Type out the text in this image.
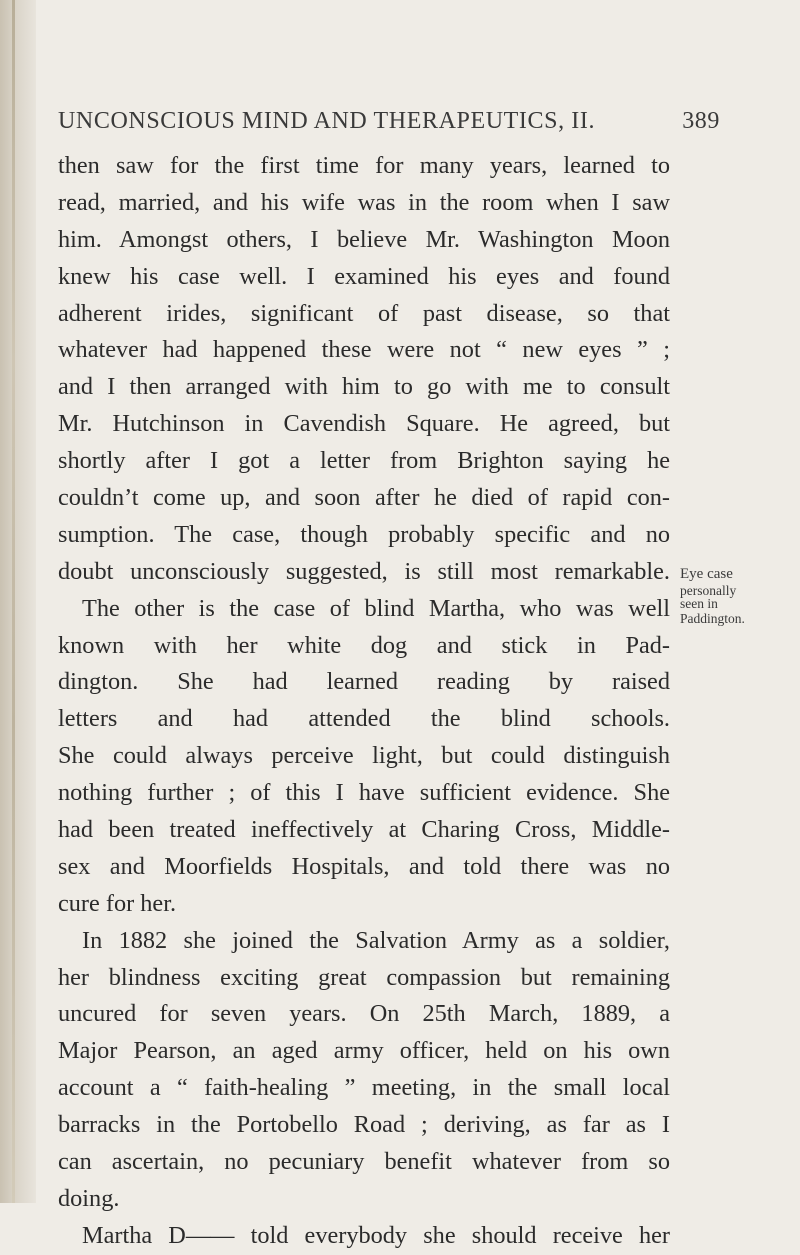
UNCONSCIOUS MIND AND THERAPEUTICS, II.	389
then saw for the first time for many years, learned to
read, married, and his wife was in the room when I saw
him. Amongst others, I believe Mr. Washington Moon
knew his case well. I examined his eyes and found
adherent irides, significant of past disease, so that
whatever had happened these were not “ new eyes ” ;
and I then arranged with him to go with me to consult
Mr. Hutchinson in Cavendish Square. He agreed, but
shortly after I got a letter from Brighton saying he
couldn’t come up, and soon after he died of rapid con-
sumption. The case, though probably specific and no
doubt unconsciously suggested, is still most remarkable.
The other is the case of blind Martha, who was well
known with her white dog and stick in Pad-
dington. She had learned reading by raised
letters and had attended the blind schools.
She could always perceive light, but could distinguish
nothing further ; of this I have sufficient evidence. She
had been treated ineffectively at Charing Cross, Middle-
sex and Moorfields Hospitals, and told there was no
cure for her.
In 1882 she joined the Salvation Army as a soldier,
her blindness exciting great compassion but remaining
uncured for seven years. On 25th March, 1889, a
Major Pearson, an aged army officer, held on his own
account a “ faith-healing ” meeting, in the small local
barracks in the Portobello Road ; deriving, as far as I
can ascertain, no pecuniary benefit whatever from so
doing.
Martha D—— told everybody she should receive her
Eye case
personally
seen in
Paddington.
